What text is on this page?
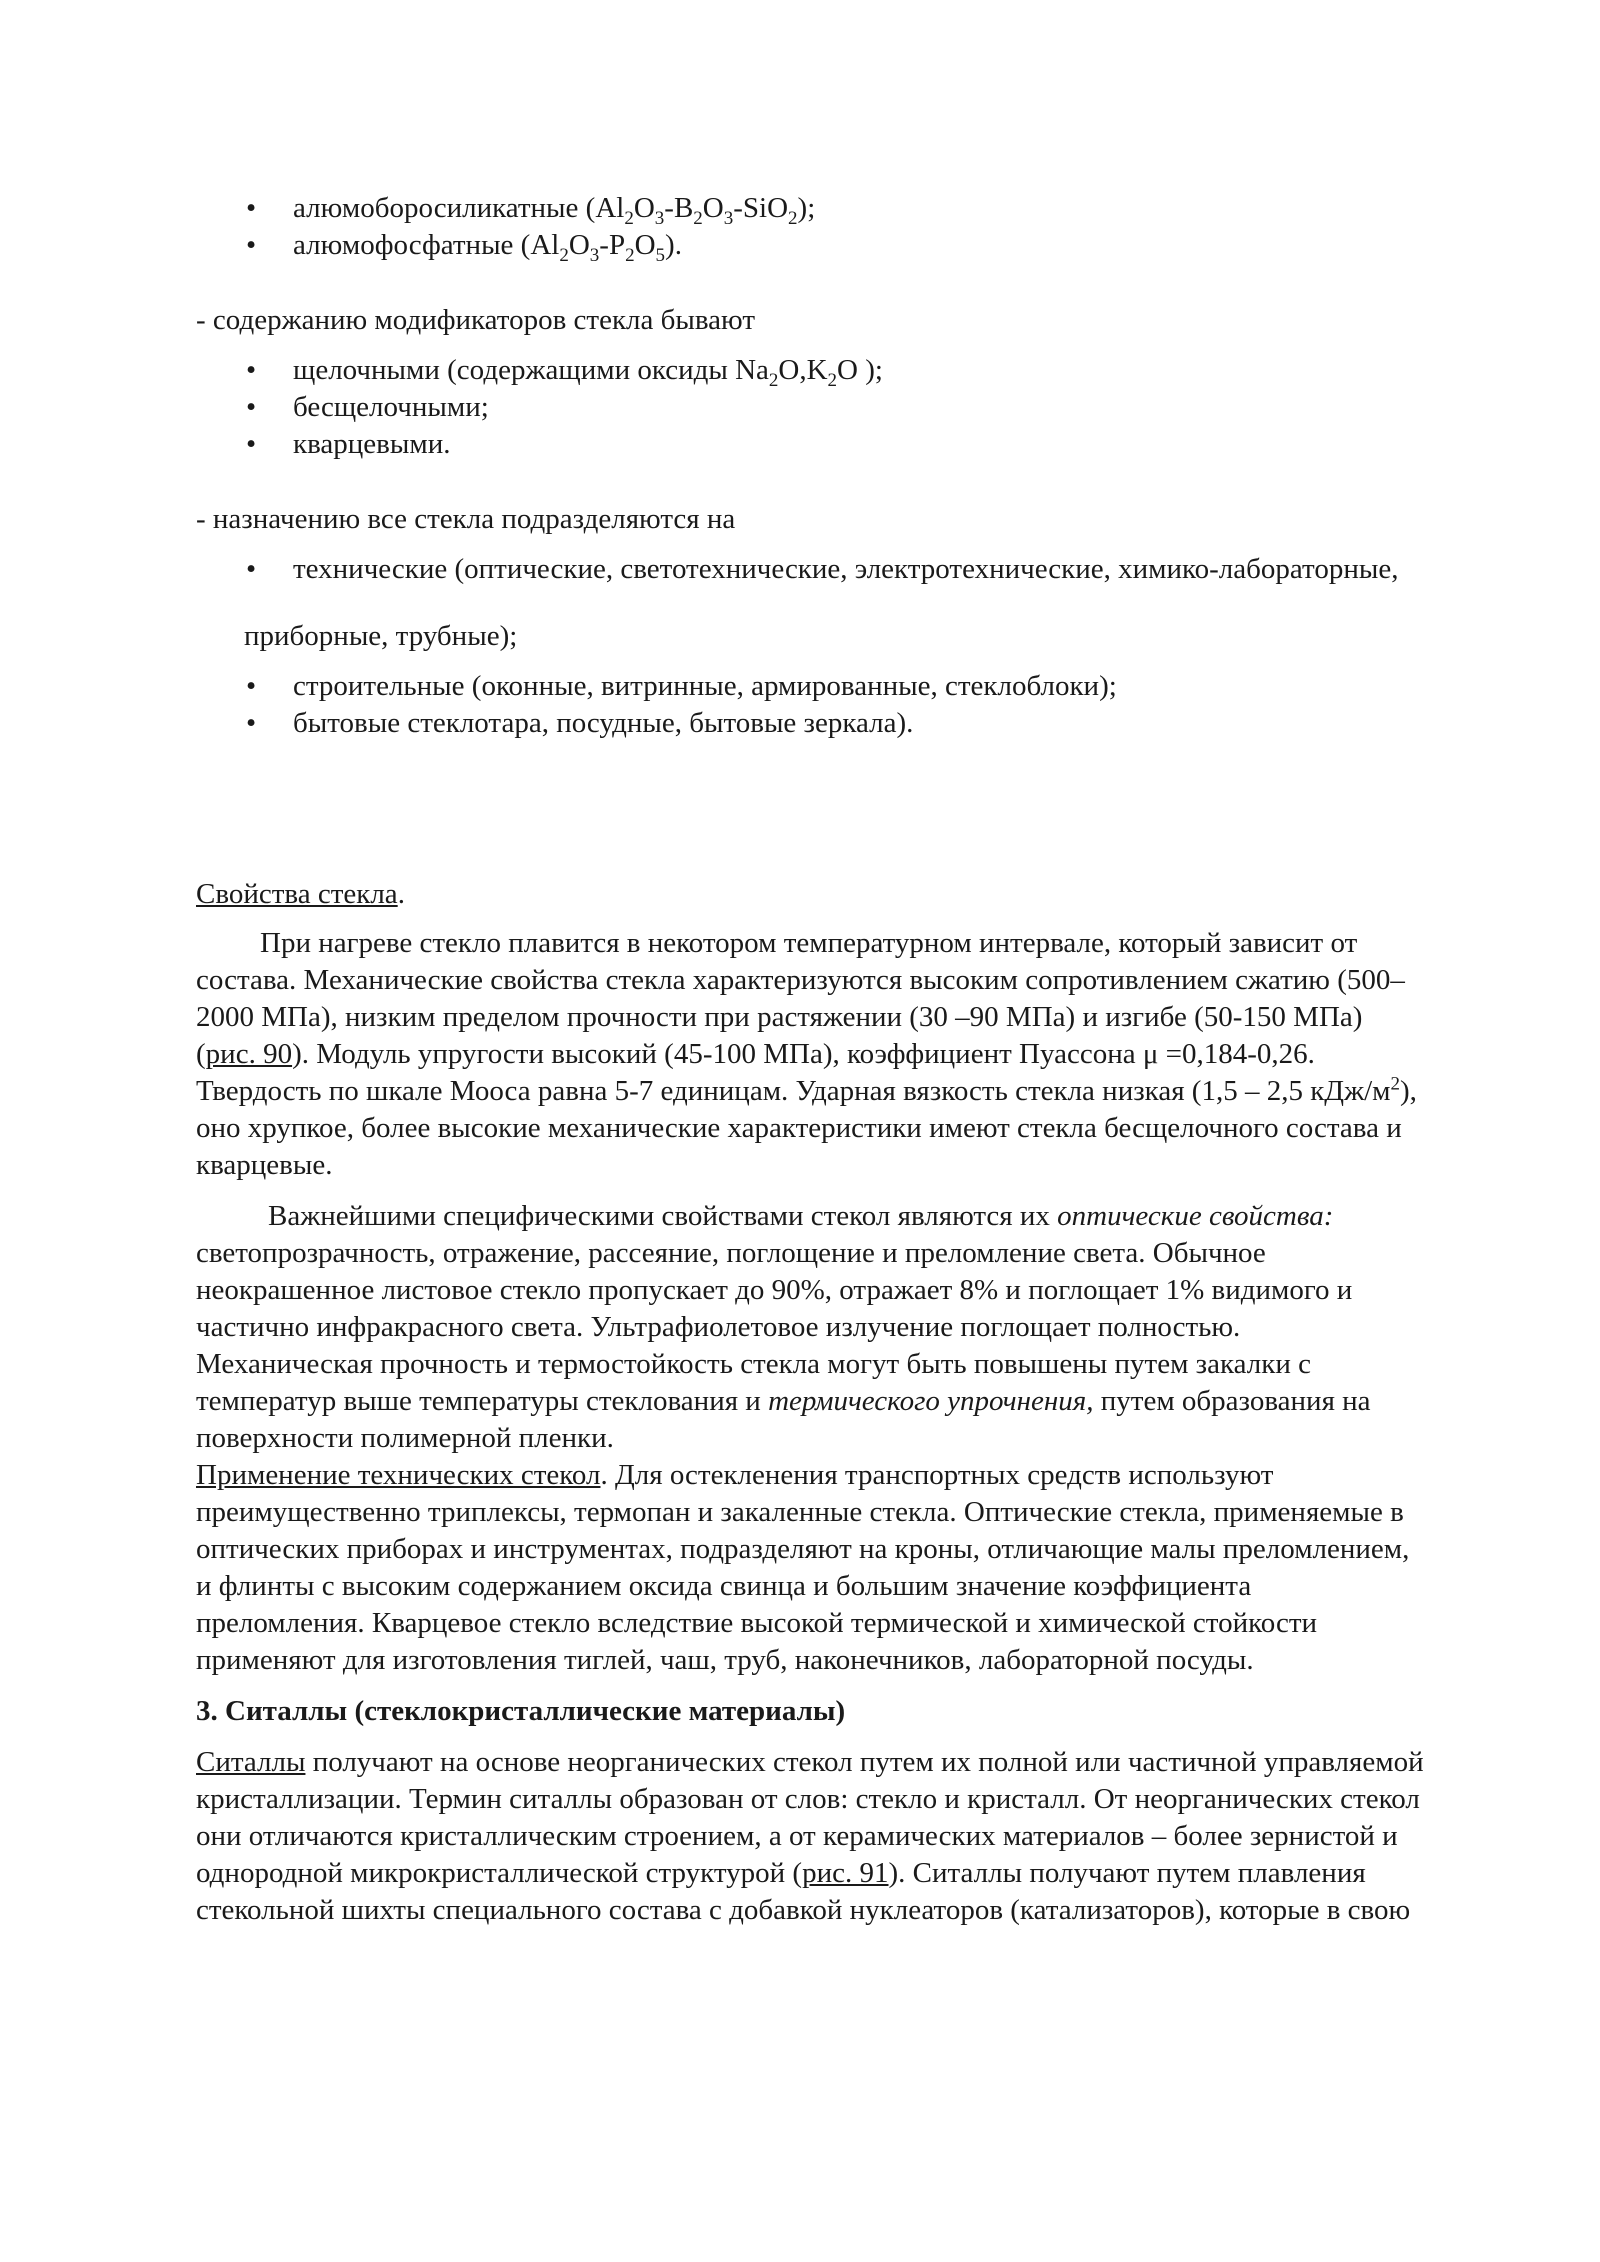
• алюмоборосиликатные $(Al_2O_3-B_2O_3-SiO_2)$;
• алюмофосфатные $(Al_2O_3-P_2O_5)$.

- содержанию модификаторов стекла бывают

• щелочными (содержащими оксиды $Na_2O,K_2O$ );
• бесщелочными;
• кварцевыми.

- назначению все стекла подразделяются на

• технические (оптические, светотехнические, электротехнические, химико-лабораторные,

приборные, трубные);

• строительные (оконные, витринные, армированные, стеклоблоки);
• бытовые стеклотара, посудные, бытовые зеркала).

Свойства стекла.

При нагреве стекло плавится в некотором температурном интервале, который зависит от состава. Механические свойства стекла характеризуются высоким сопротивлением сжатию (500–2000 МПа), низким пределом прочности при растяжении (30 –90 МПа) и изгибе (50-150 МПа) (рис. 90). Модуль упругости высокий (45-100 МПа), коэффициент Пуассона μ =0,184-0,26. Твердость по шкале Мооса равна 5-7 единицам. Ударная вязкость стекла низкая (1,5 – 2,5 кДж/$м^2$), оно хрупкое, более высокие механические характеристики имеют стекла бесщелочного состава и кварцевые.

Важнейшими специфическими свойствами стекол являются их оптические свойства: светопрозрачность, отражение, рассеяние, поглощение и преломление света. Обычное неокрашенное листовое стекло пропускает до 90%, отражает 8% и поглощает 1% видимого и частично инфракрасного света. Ультрафиолетовое излучение поглощает полностью.

Механическая прочность и термостойкость стекла могут быть повышены путем закалки с температур выше температуры стеклования и термического упрочнения, путем образования на поверхности полимерной пленки.

Применение технических стекол. Для остекленения транспортных средств используют преимущественно триплексы, термопан и закаленные стекла. Оптические стекла, применяемые в оптических приборах и инструментах, подразделяют на кроны, отличающие малы преломлением, и флинты с высоким содержанием оксида свинца и большим значение коэффициента преломления. Кварцевое стекло вследствие высокой термической и химической стойкости применяют для изготовления тиглей, чаш, труб, наконечников, лабораторной посуды.

3. Ситаллы (стеклокристаллические материалы)

Ситаллы получают на основе неорганических стекол путем их полной или частичной управляемой кристаллизации. Термин ситаллы образован от слов: стекло и кристалл. От неорганических стекол они отличаются кристаллическим строением, а от керамических материалов – более зернистой и однородной микрокристаллической структурой (рис. 91). Ситаллы получают путем плавления стекольной шихты специального состава с добавкой нуклеаторов (катализаторов), которые в свою
